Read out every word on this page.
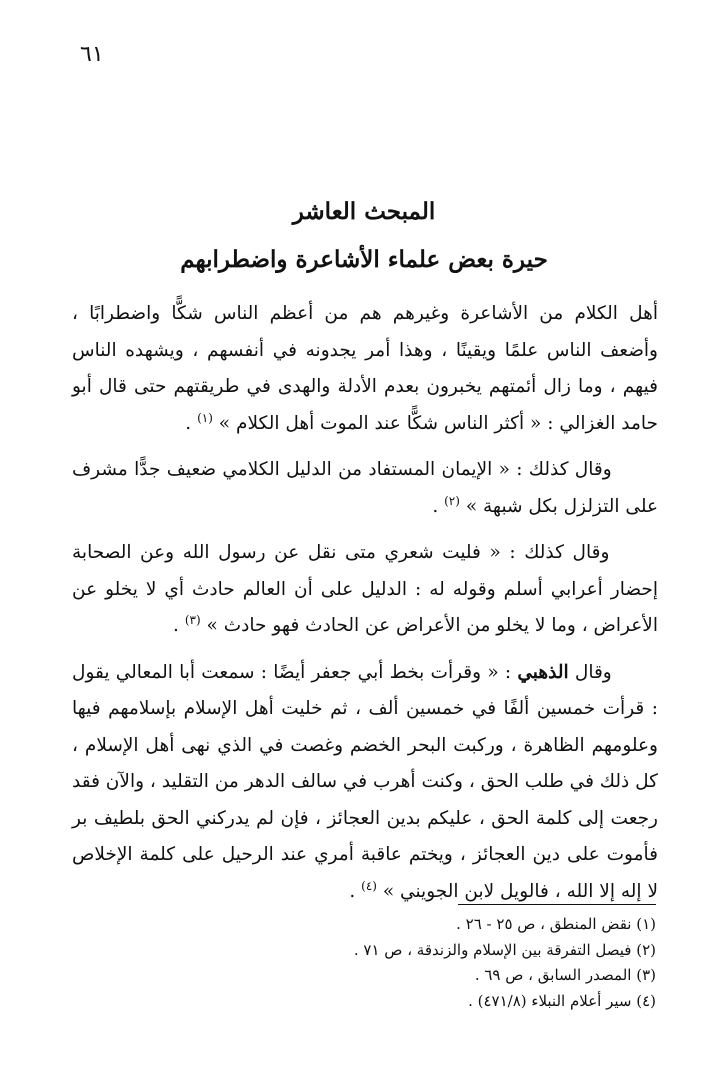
٦١
المبحث العاشر
حيرة بعض علماء الأشاعرة واضطرابهم

أهل الكلام من الأشاعرة وغيرهم هم من أعظم الناس شكًّا واضطرابًا ، وأضعف الناس علمًا ويقينًا ، وهذا أمر يجدونه في أنفسهم ، ويشهده الناس فيهم ، وما زال أئمتهم يخبرون بعدم الأدلة والهدى في طريقتهم حتى قال أبو حامد الغزالي : « أكثر الناس شكًّا عند الموت أهل الكلام » $^{(١)}$ .

وقال كذلك : « الإيمان المستفاد من الدليل الكلامي ضعيف جدًّا مشرف على التزلزل بكل شبهة » $^{(٢)}$ .

وقال كذلك : « فليت شعري متى نقل عن رسول الله وعن الصحابة إحضار أعرابي أسلم وقوله له : الدليل على أن العالم حادث أي لا يخلو عن الأعراض ، وما لا يخلو من الأعراض عن الحادث فهو حادث » $^{(٣)}$ .

وقال الذهبي : « وقرأت بخط أبي جعفر أيضًا : سمعت أبا المعالي يقول : قرأت خمسين ألفًا في خمسين ألف ، ثم خليت أهل الإسلام بإسلامهم فيها وعلومهم الظاهرة ، وركبت البحر الخضم وغصت في الذي نهى أهل الإسلام ، كل ذلك في طلب الحق ، وكنت أهرب في سالف الدهر من التقليد ، والآن فقد رجعت إلى كلمة الحق ، عليكم بدين العجائز ، فإن لم يدركني الحق بلطيف بر فأموت على دين العجائز ، ويختم عاقبة أمري عند الرحيل على كلمة الإخلاص لا إله إلا الله ، فالويل لابن الجويني » $^{(٤)}$ .

(١) نقض المنطق ، ص ٢٥ - ٢٦ .
(٢) فيصل التفرقة بين الإسلام والزندقة ، ص ٧١ .
(٣) المصدر السابق ، ص ٦٩ .
(٤) سير أعلام النبلاء (٤٧١/٨) .
